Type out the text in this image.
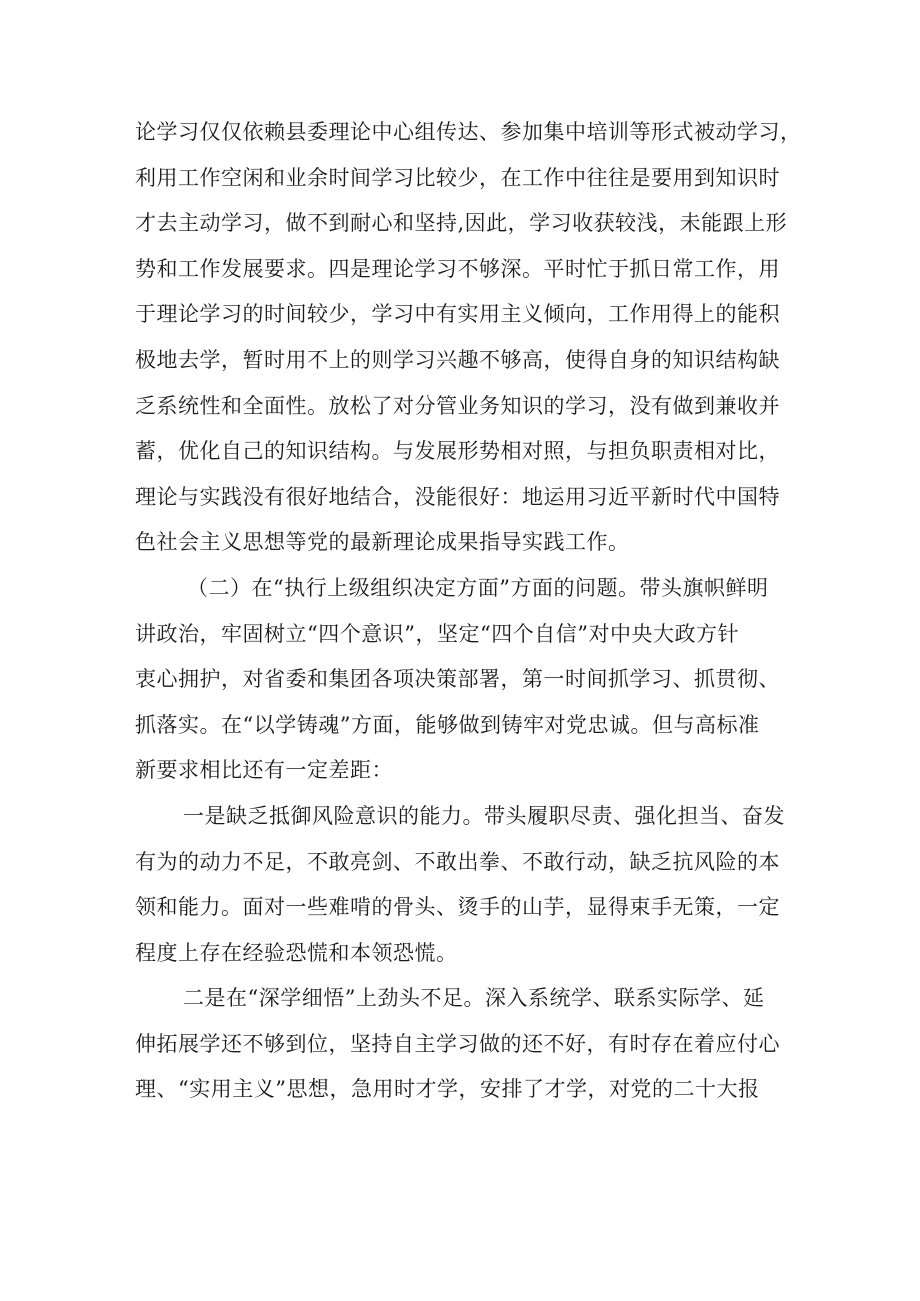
论学习仅仅依赖县委理论中心组传达、参加集中培训等形式被动学习，
利用工作空闲和业余时间学习比较少，在工作中往往是要用到知识时
才去主动学习，做不到耐心和坚持,因此，学习收获较浅，未能跟上形
势和工作发展要求。四是理论学习不够深。平时忙于抓日常工作，用
于理论学习的时间较少，学习中有实用主义倾向，工作用得上的能积
极地去学，暂时用不上的则学习兴趣不够高，使得自身的知识结构缺
乏系统性和全面性。放松了对分管业务知识的学习，没有做到兼收并
蓄，优化自己的知识结构。与发展形势相对照，与担负职责相对比，
理论与实践没有很好地结合，没能很好：地运用习近平新时代中国特
色社会主义思想等党的最新理论成果指导实践工作。
（二）在“执行上级组织决定方面”方面的问题。带头旗帜鲜明
讲政治，牢固树立“四个意识”，坚定“四个自信”对中央大政方针
衷心拥护，对省委和集团各项决策部署，第一时间抓学习、抓贯彻、
抓落实。在“以学铸魂”方面，能够做到铸牢对党忠诚。但与高标准
新要求相比还有一定差距：
一是缺乏抵御风险意识的能力。带头履职尽责、强化担当、奋发
有为的动力不足，不敢亮剑、不敢出拳、不敢行动，缺乏抗风险的本
领和能力。面对一些难啃的骨头、烫手的山芋，显得束手无策，一定
程度上存在经验恐慌和本领恐慌。
二是在“深学细悟”上劲头不足。深入系统学、联系实际学、延
伸拓展学还不够到位，坚持自主学习做的还不好，有时存在着应付心
理、“实用主义”思想，急用时才学，安排了才学，对党的二十大报
